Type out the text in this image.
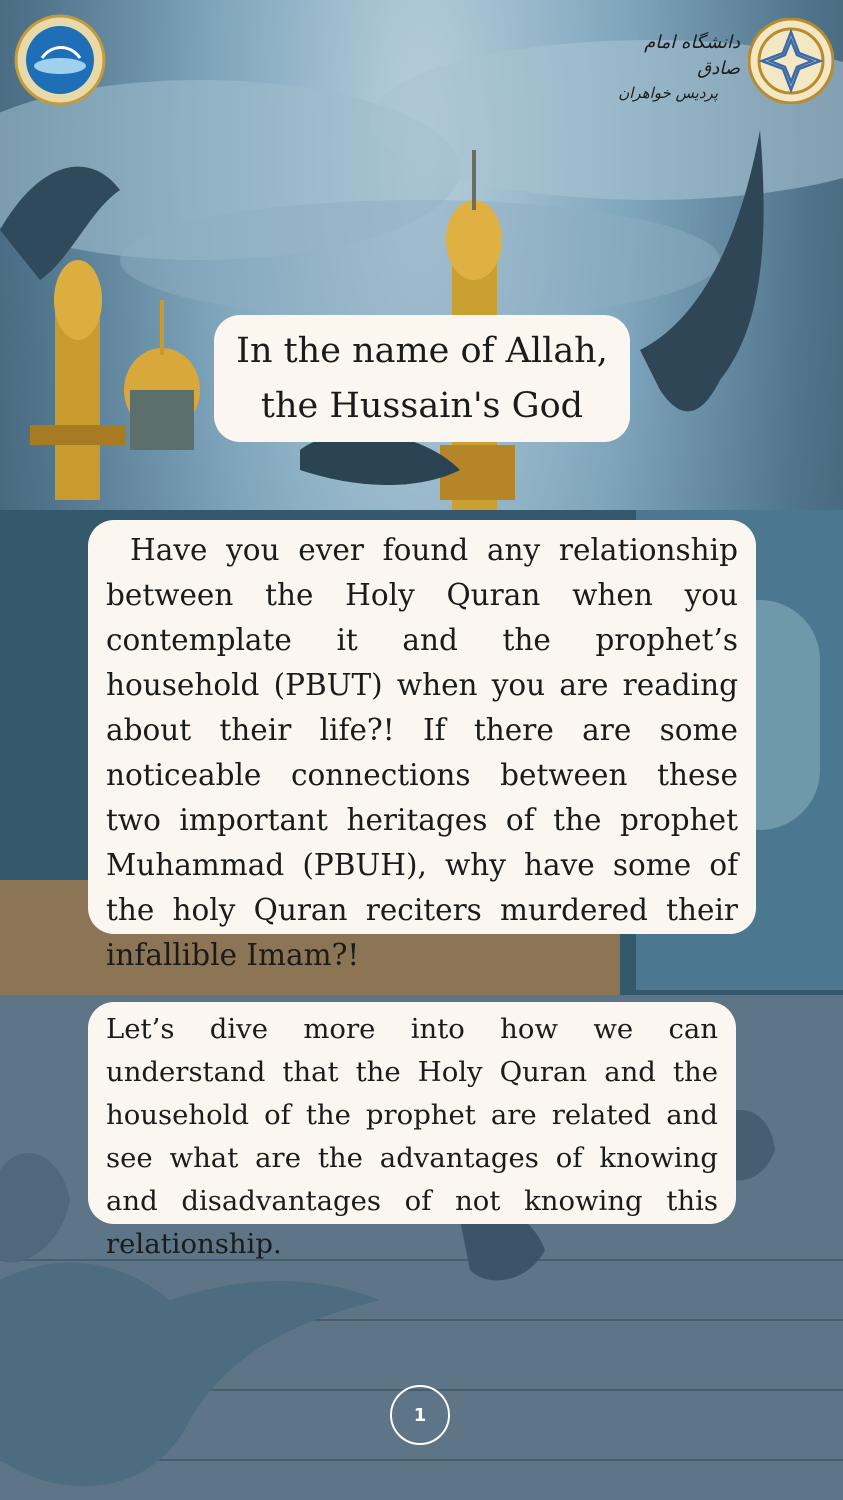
دانشگاه امام صادق
پردیس خواهران
In the name of Allah,
the Hussain's God
Have you ever found any relationship between the Holy Quran when you contemplate it and the prophet’s household (PBUT) when you are reading about their life?! If there are some noticeable connections between these two important heritages of the prophet Muhammad (PBUH), why have some of the holy Quran reciters murdered their infallible Imam?!
Let’s dive more into how we can understand that the Holy Quran and the household of the prophet are related and see what are the advantages of knowing and disadvantages of not knowing this relationship.
1
